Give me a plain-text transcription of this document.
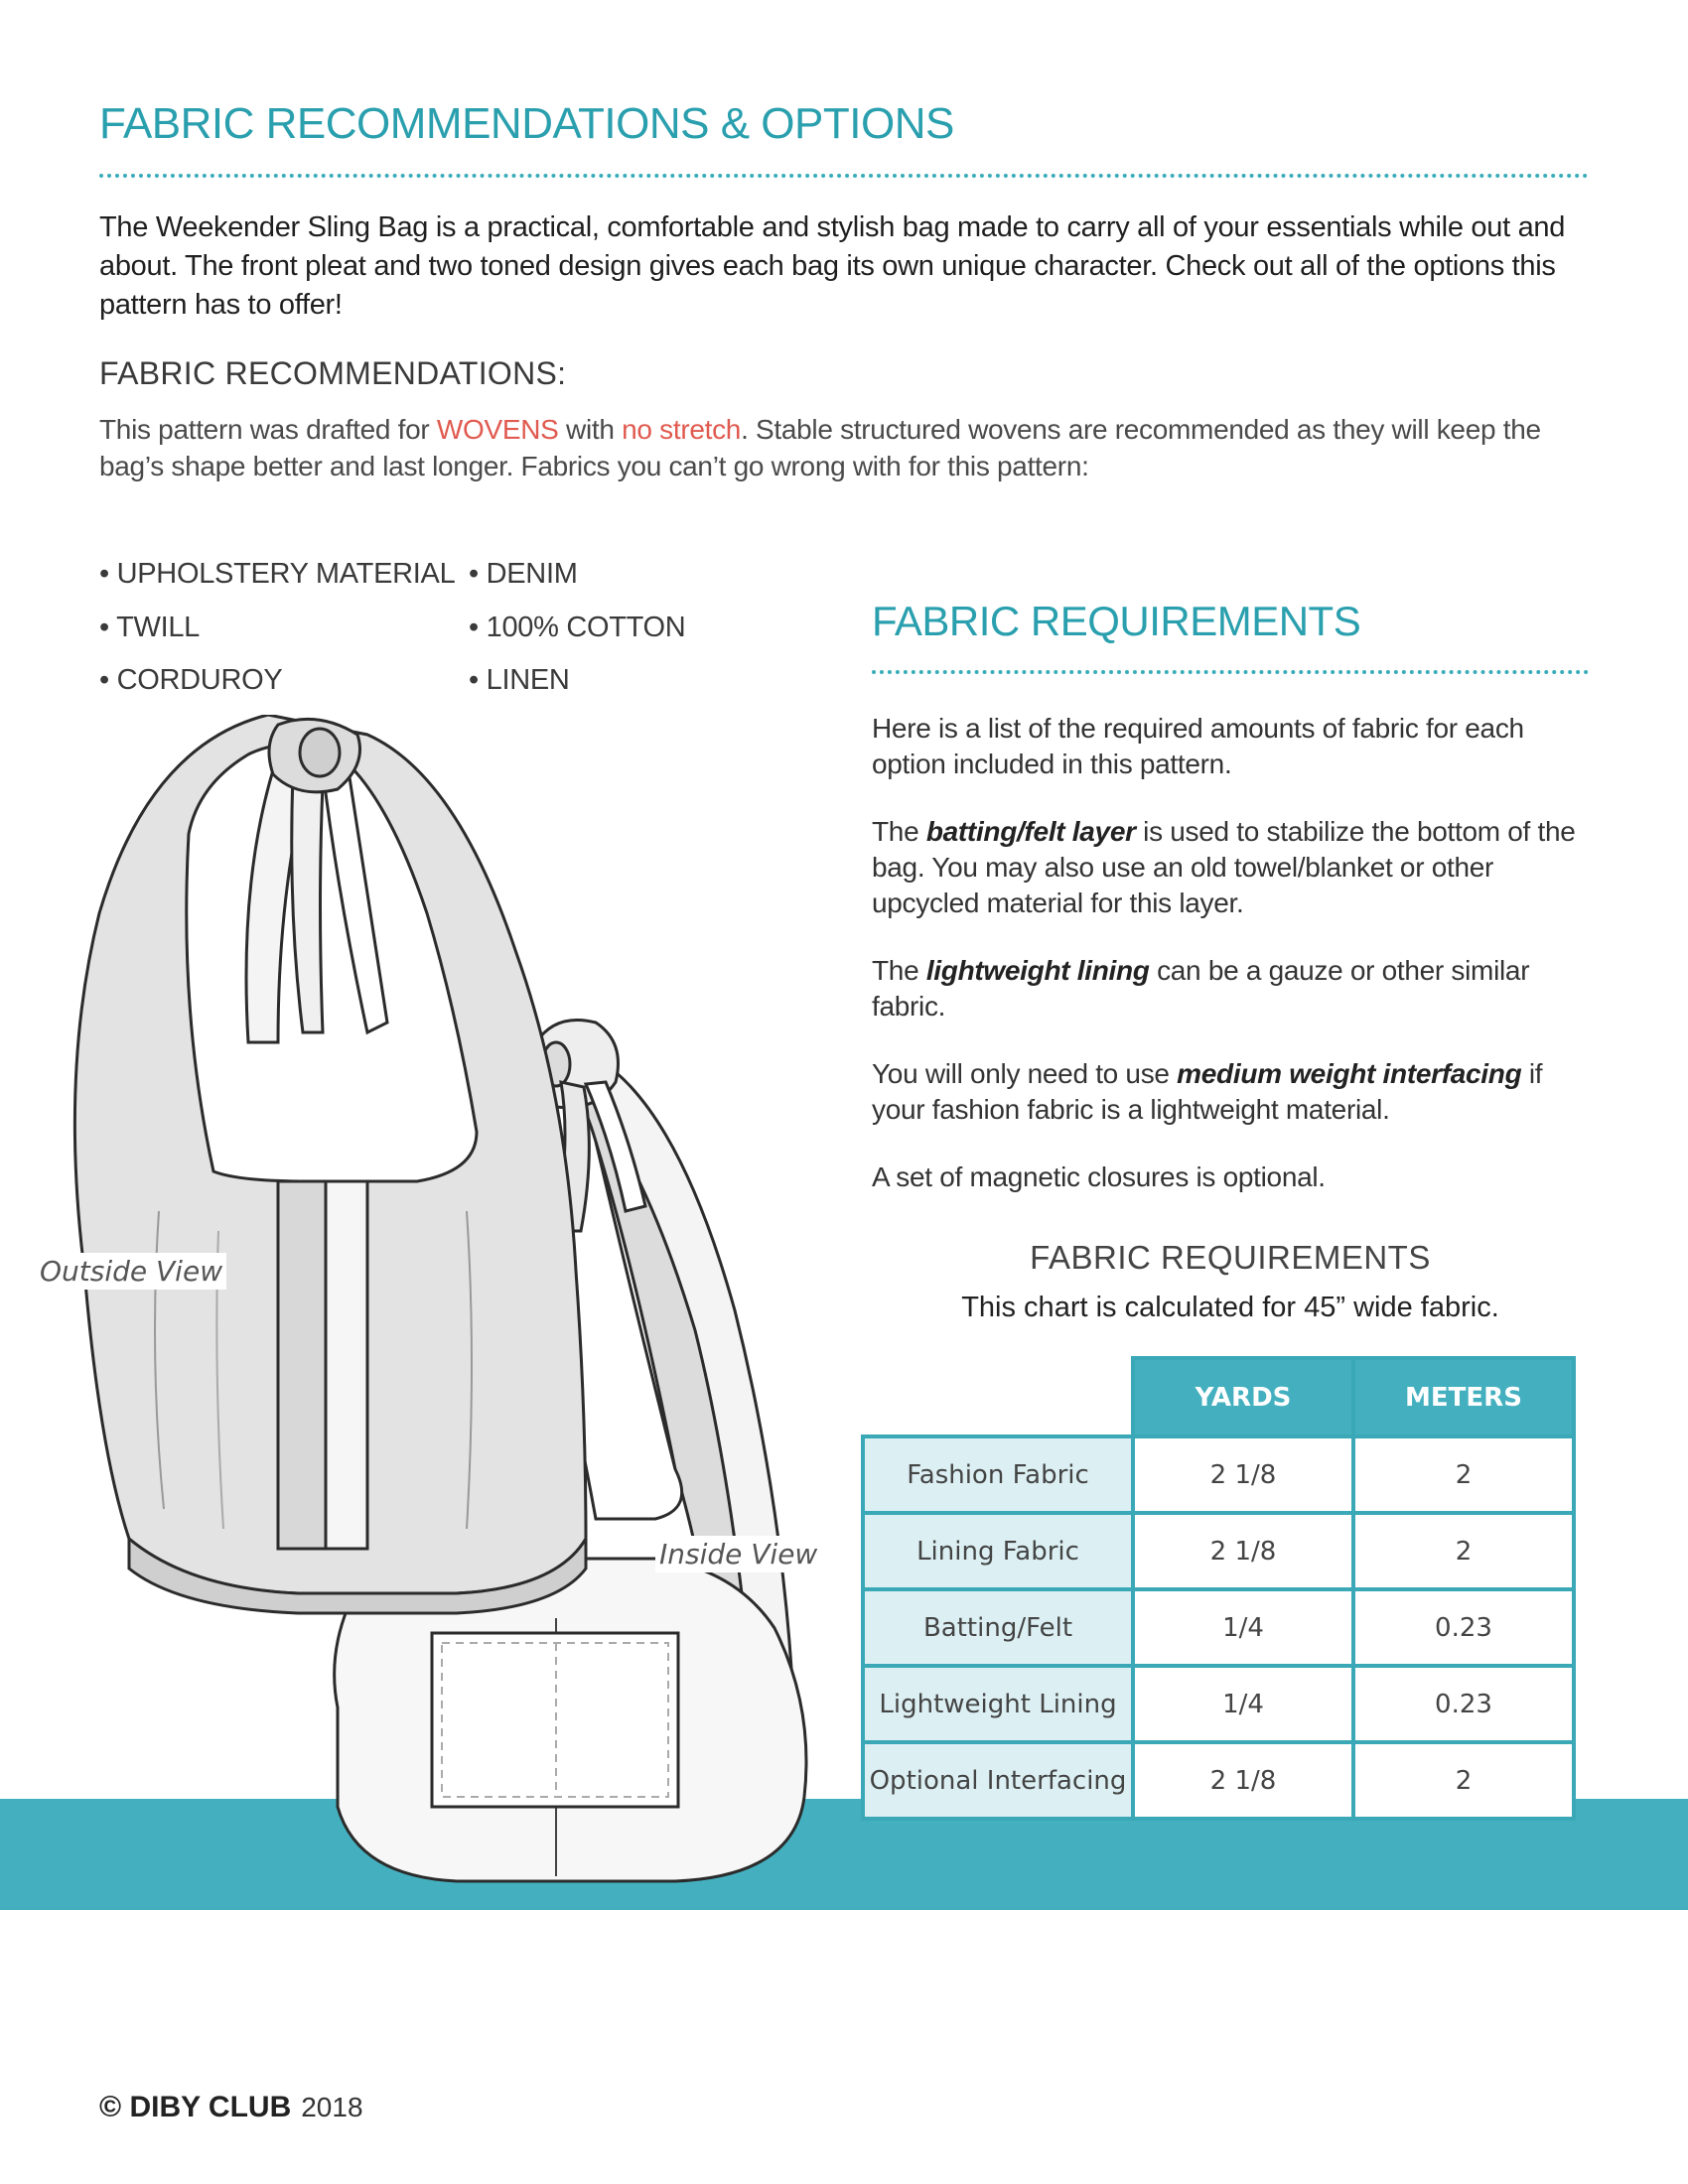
FABRIC RECOMMENDATIONS & OPTIONS
The Weekender Sling Bag is a practical, comfortable and stylish bag made to carry all of your essentials while out and about. The front pleat and two toned design gives each bag its own unique character. Check out all of the options this pattern has to offer!
FABRIC RECOMMENDATIONS:
This pattern was drafted for WOVENS with no stretch. Stable structured wovens are recommended as they will keep the bag’s shape better and last longer. Fabrics you can’t go wrong with for this pattern:
• UPHOLSTERY MATERIAL
• TWILL
• CORDUROY
• DENIM
• 100% COTTON
• LINEN
Outside View
Inside View
FABRIC REQUIREMENTS
Here is a list of the required amounts of fabric for each option included in this pattern.
The batting/felt layer is used to stabilize the bottom of the bag. You may also use an old towel/blanket or other upcycled material for this layer.
The lightweight lining can be a gauze or other similar fabric.
You will only need to use medium weight interfacing if your fashion fabric is a lightweight material.
A set of magnetic closures is optional.
FABRIC REQUIREMENTS
This chart is calculated for 45” wide fabric.
	YARDS	METERS
Fashion Fabric	2 1/8	2
Lining Fabric	2 1/8	2
Batting/Felt	1/4	0.23
Lightweight Lining	1/4	0.23
Optional Interfacing	2 1/8	2
© DIBY CLUB 2018
